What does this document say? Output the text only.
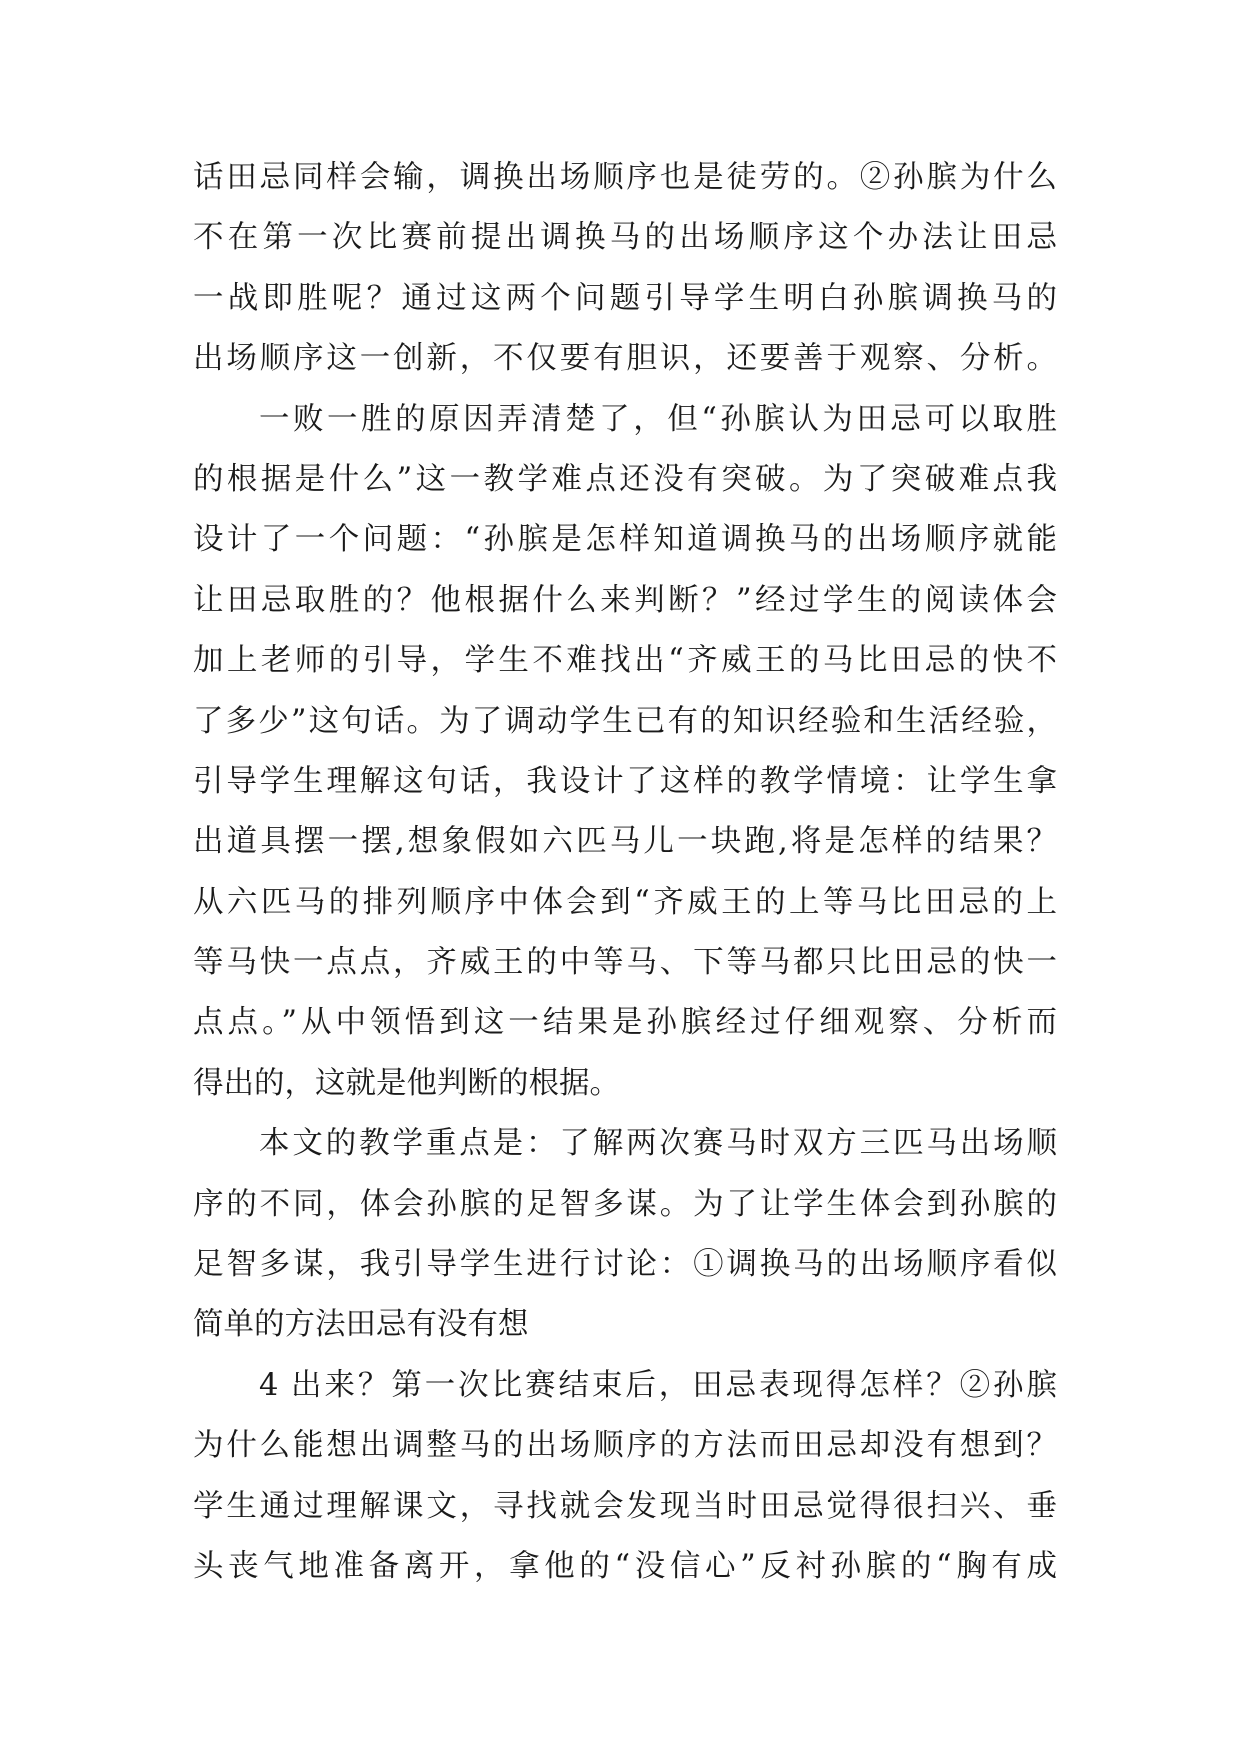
话田忌同样会输，调换出场顺序也是徒劳的。②孙膑为什么
不在第一次比赛前提出调换马的出场顺序这个办法让田忌
一战即胜呢？通过这两个问题引导学生明白孙膑调换马的
出场顺序这一创新，不仅要有胆识，还要善于观察、分析。
一败一胜的原因弄清楚了，但“孙膑认为田忌可以取胜
的根据是什么”这一教学难点还没有突破。为了突破难点我
设计了一个问题：“孙膑是怎样知道调换马的出场顺序就能
让田忌取胜的？他根据什么来判断？”经过学生的阅读体会
加上老师的引导，学生不难找出“齐威王的马比田忌的快不
了多少”这句话。为了调动学生已有的知识经验和生活经验，
引导学生理解这句话，我设计了这样的教学情境：让学生拿
出道具摆一摆,想象假如六匹马儿一块跑,将是怎样的结果？
从六匹马的排列顺序中体会到“齐威王的上等马比田忌的上
等马快一点点，齐威王的中等马、下等马都只比田忌的快一
点点。”从中领悟到这一结果是孙膑经过仔细观察、分析而
得出的，这就是他判断的根据。
本文的教学重点是：了解两次赛马时双方三匹马出场顺
序的不同，体会孙膑的足智多谋。为了让学生体会到孙膑的
足智多谋，我引导学生进行讨论：①调换马的出场顺序看似
简单的方法田忌有没有想
4 出来？第一次比赛结束后，田忌表现得怎样？②孙膑
为什么能想出调整马的出场顺序的方法而田忌却没有想到？
学生通过理解课文，寻找就会发现当时田忌觉得很扫兴、垂
头丧气地准备离开，拿他的“没信心”反衬孙膑的“胸有成
